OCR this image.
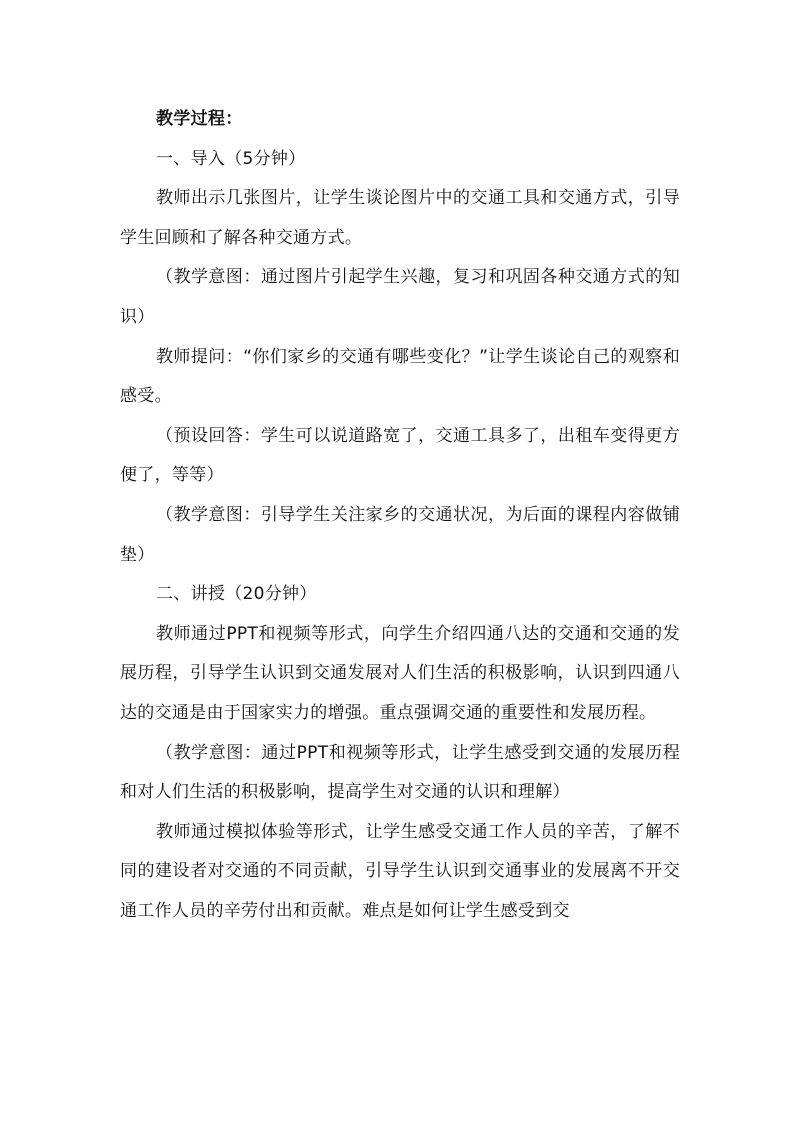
教学过程：

一、导入（5分钟）

教师出示几张图片，让学生谈论图片中的交通工具和交通方式，引导学生回顾和了解各种交通方式。

（教学意图：通过图片引起学生兴趣，复习和巩固各种交通方式的知识）

教师提问：“你们家乡的交通有哪些变化？”让学生谈论自己的观察和感受。

（预设回答：学生可以说道路宽了，交通工具多了，出租车变得更方便了，等等）

（教学意图：引导学生关注家乡的交通状况，为后面的课程内容做铺垫）

二、讲授（20分钟）

教师通过PPT和视频等形式，向学生介绍四通八达的交通和交通的发展历程，引导学生认识到交通发展对人们生活的积极影响，认识到四通八达的交通是由于国家实力的增强。重点强调交通的重要性和发展历程。

（教学意图：通过PPT和视频等形式，让学生感受到交通的发展历程和对人们生活的积极影响，提高学生对交通的认识和理解）

教师通过模拟体验等形式，让学生感受交通工作人员的辛苦，了解不同的建设者对交通的不同贡献，引导学生认识到交通事业的发展离不开交通工作人员的辛劳付出和贡献。难点是如何让学生感受到交
